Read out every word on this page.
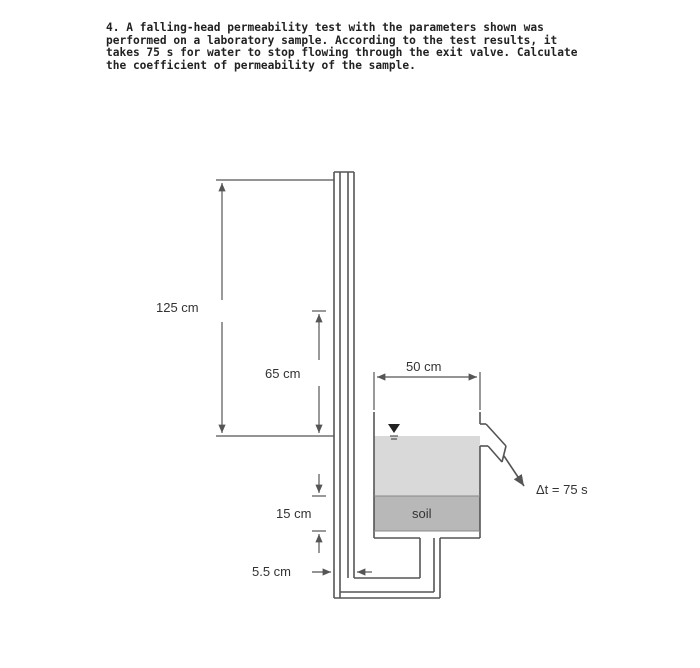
4. A falling-head permeability test with the parameters shown was performed on a laboratory sample. According to the test results, it takes 75 s for water to stop flowing through the exit valve. Calculate the coefficient of permeability of the sample.
125 cm
65 cm	50 cm
15 cm
5.5 cm
soil
Δt = 75 s
